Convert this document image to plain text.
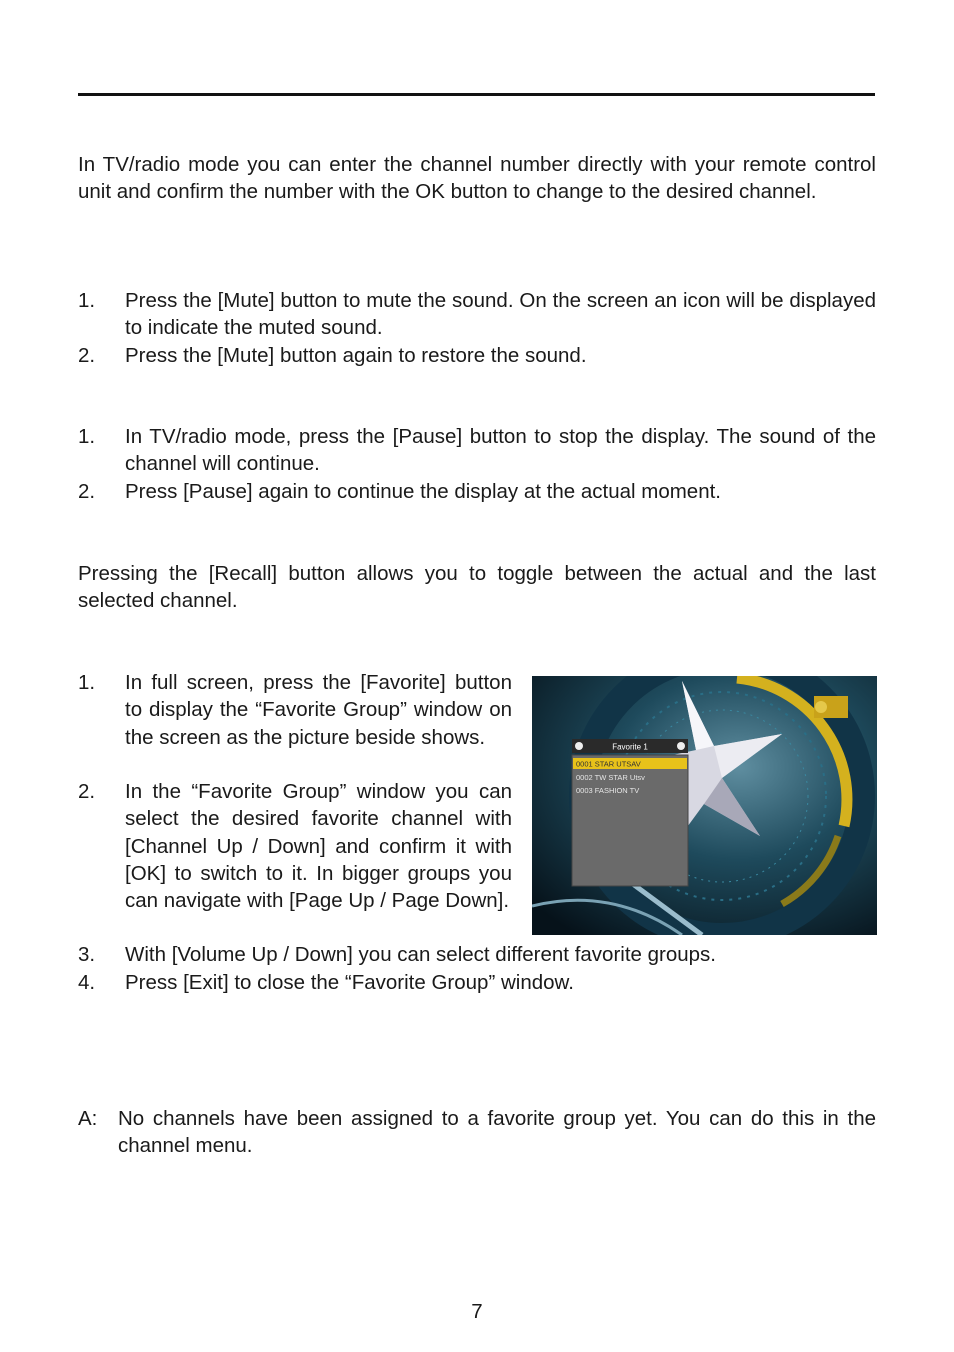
In TV/radio mode you can enter the channel number directly with your remote control unit and confirm the number with the OK button to change to the desired channel.
1. Press the [Mute] button to mute the sound. On the screen an icon will be displayed to indicate the muted sound.
2. Press the [Mute] button again to restore the sound.
1. In TV/radio mode, press the [Pause] button to stop the display. The sound of the channel will continue.
2. Press [Pause] again to continue the display at the actual moment.
Pressing the [Recall] button allows you to toggle between the actual and the last selected channel.
1. In full screen, press the [Favorite] button to display the “Favorite Group” window on the screen as the picture beside shows.
2. In the “Favorite Group” window you can select the desired favorite channel with [Channel Up / Down] and confirm it with [OK] to switch to it. In bigger groups you can navigate with [Page Up / Page Down].
3. With [Volume Up / Down] you can select different favorite groups.
4. Press [Exit] to close the “Favorite Group” window.
Favorite 1
0001 STAR UTSAV
0002 TW STAR Utsv
0003 FASHION TV
A: No channels have been assigned to a favorite group yet. You can do this in the channel menu.
7
